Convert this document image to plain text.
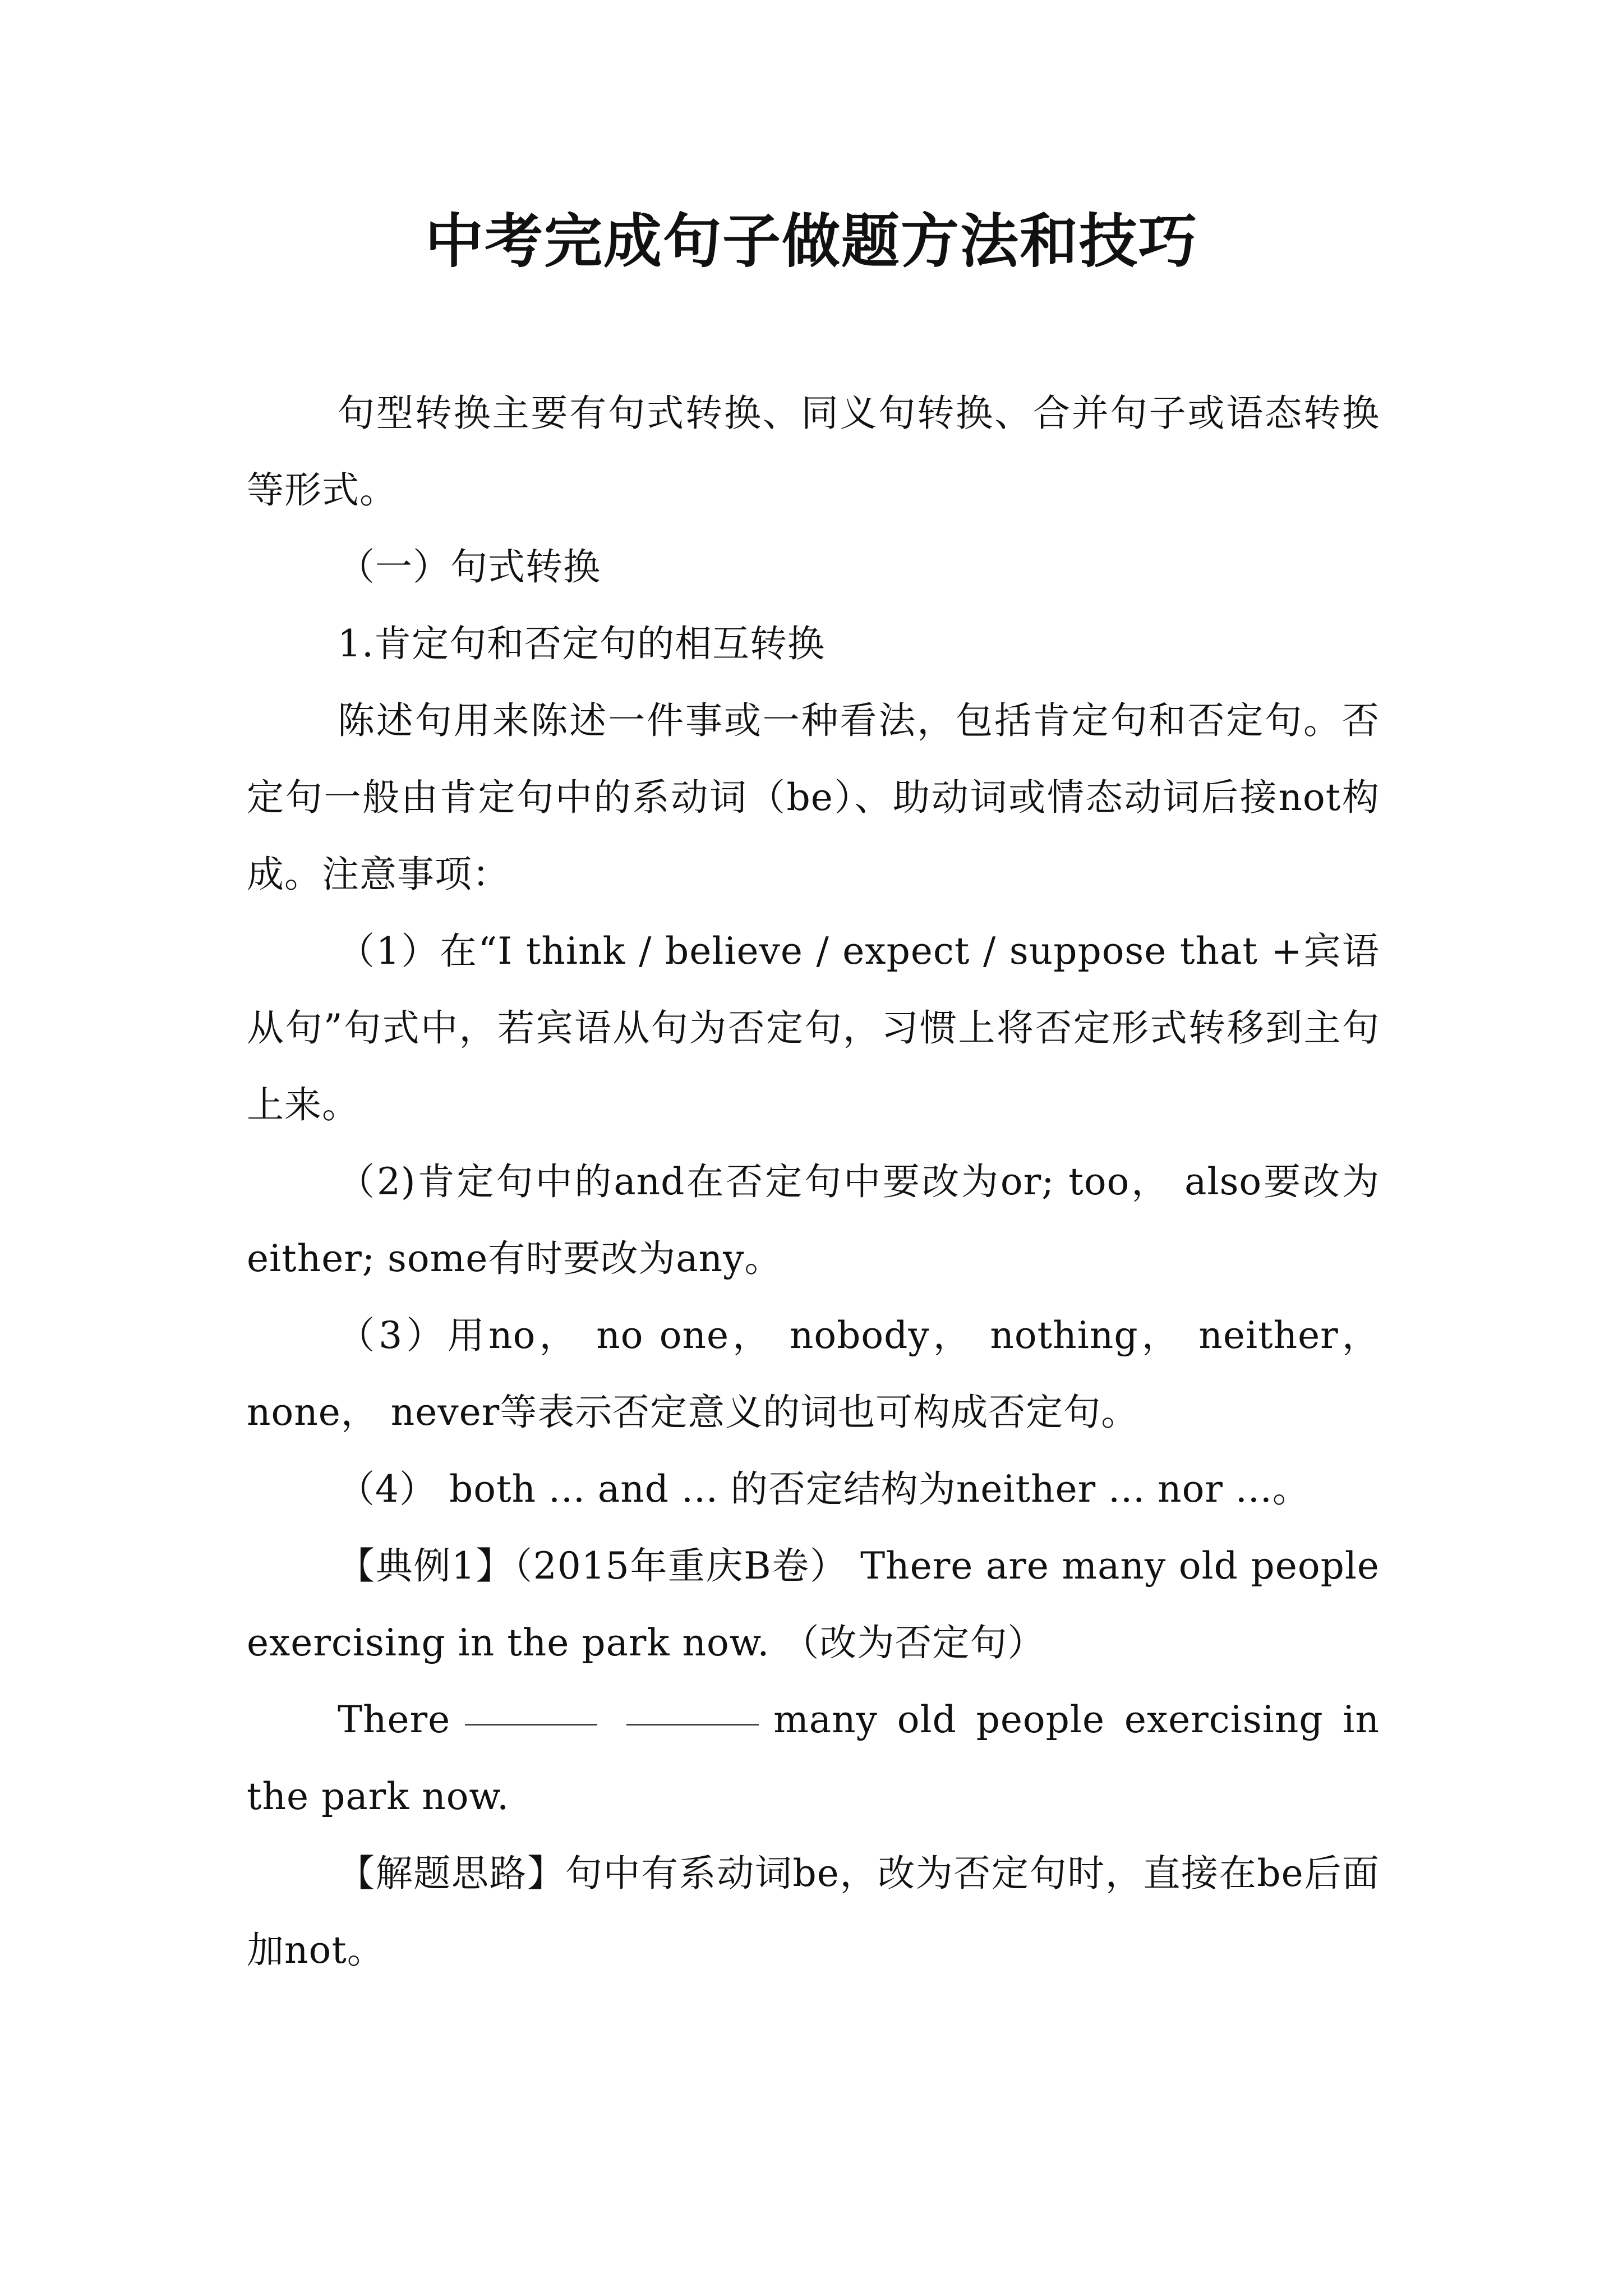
中考完成句子做题方法和技巧

句型转换主要有句式转换、同义句转换、合并句子或语态转换等形式。

（一）句式转换

1.肯定句和否定句的相互转换

陈述句用来陈述一件事或一种看法，包括肯定句和否定句。否定句一般由肯定句中的系动词（be）、助动词或情态动词后接not构成。注意事项：

（1）在“I think / believe / expect / suppose that +宾语从句”句式中，若宾语从句为否定句，习惯上将否定形式转移到主句上来。

（2)肯定句中的and在否定句中要改为or; too， also要改为either; some有时要改为any。

（3）用no， no one， nobody， nothing， neither， none， never等表示否定意义的词也可构成否定句。

（4） both ... and ... 的否定结构为neither ... nor ...。

【典例1】（2015年重庆B卷） There are many old people exercising in the park now. （改为否定句）

There	many old people exercising in the park now.

【解题思路】句中有系动词be，改为否定句时，直接在be后面加not。
